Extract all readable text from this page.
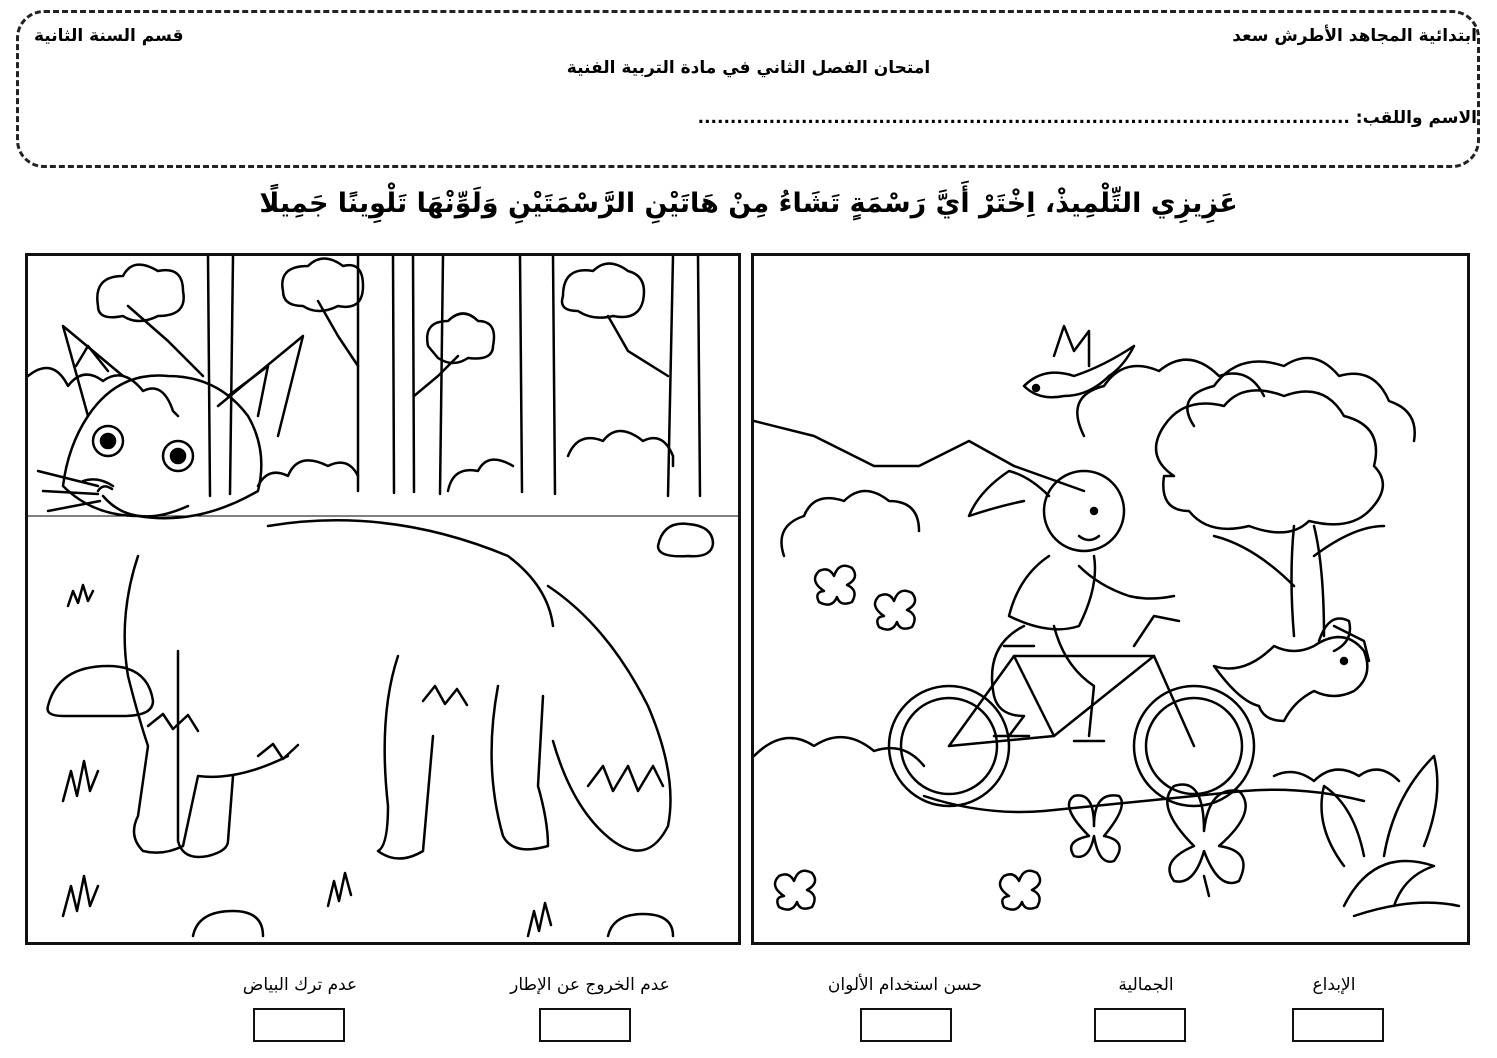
ابتدائية المجاهد الأطرش سعد
قسم السنة الثانية
امتحان الفصل الثاني في مادة التربية الفنية
الاسم واللقب: .....................................................................................................
عَزِيزِي التِّلْمِيذْ، اِخْتَرْ أَيَّ رَسْمَةٍ تَشَاءُ مِنْ هَاتَيْنِ الرَّسْمَتَيْنِ وَلَوِّنْهَا تَلْوِينًا جَمِيلًا
الإبداع
الجمالية
حسن استخدام الألوان
عدم الخروج عن الإطار
عدم ترك البياض
